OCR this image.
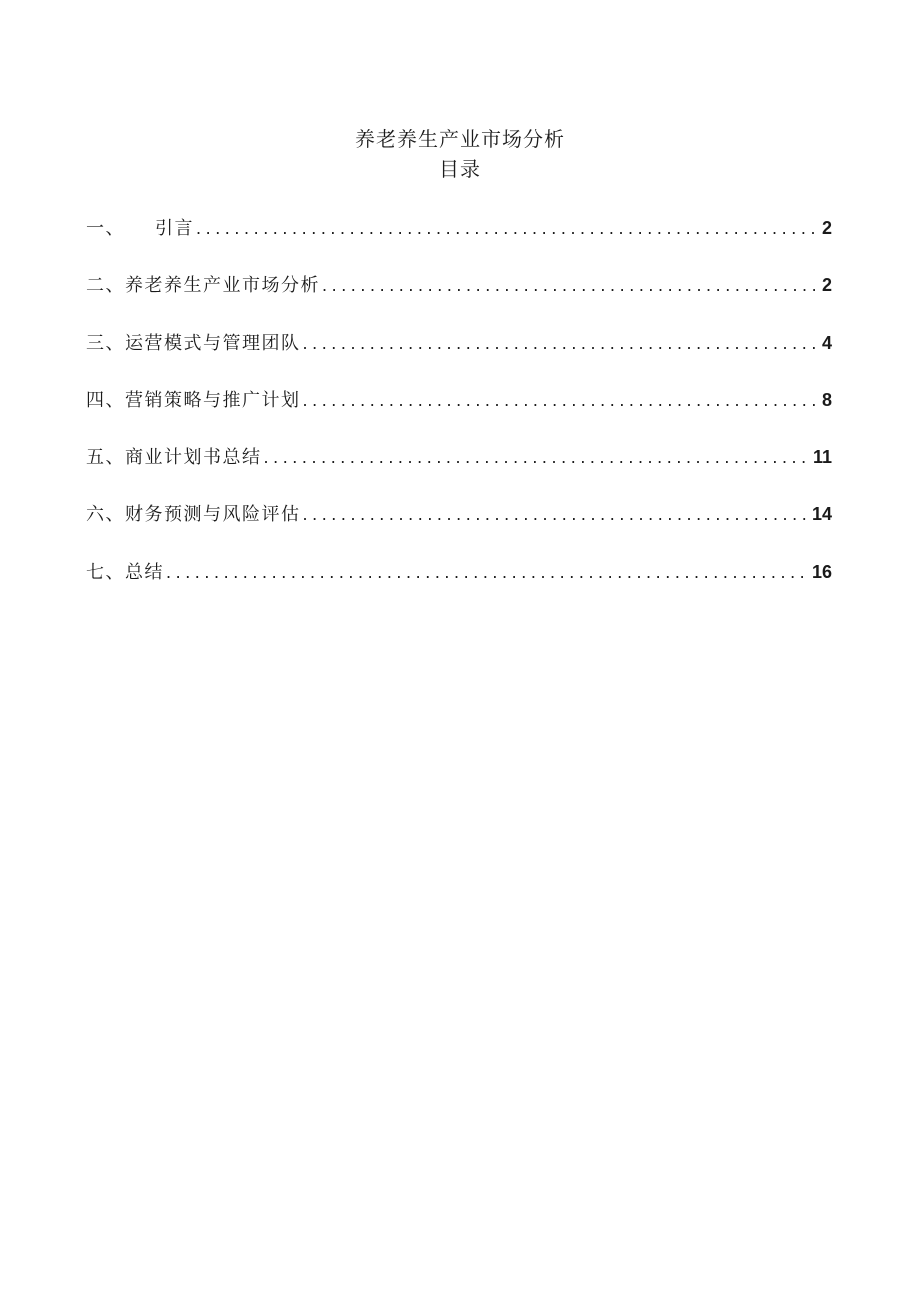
养老养生产业市场分析
目录
一、 引言 .....	2
二、养老养生产业市场分析 .....	2
三、运营模式与管理团队 .....	4
四、营销策略与推广计划 .....	8
五、商业计划书总结 .....	11
六、财务预测与风险评估 .....	14
七、总结 .....	16
